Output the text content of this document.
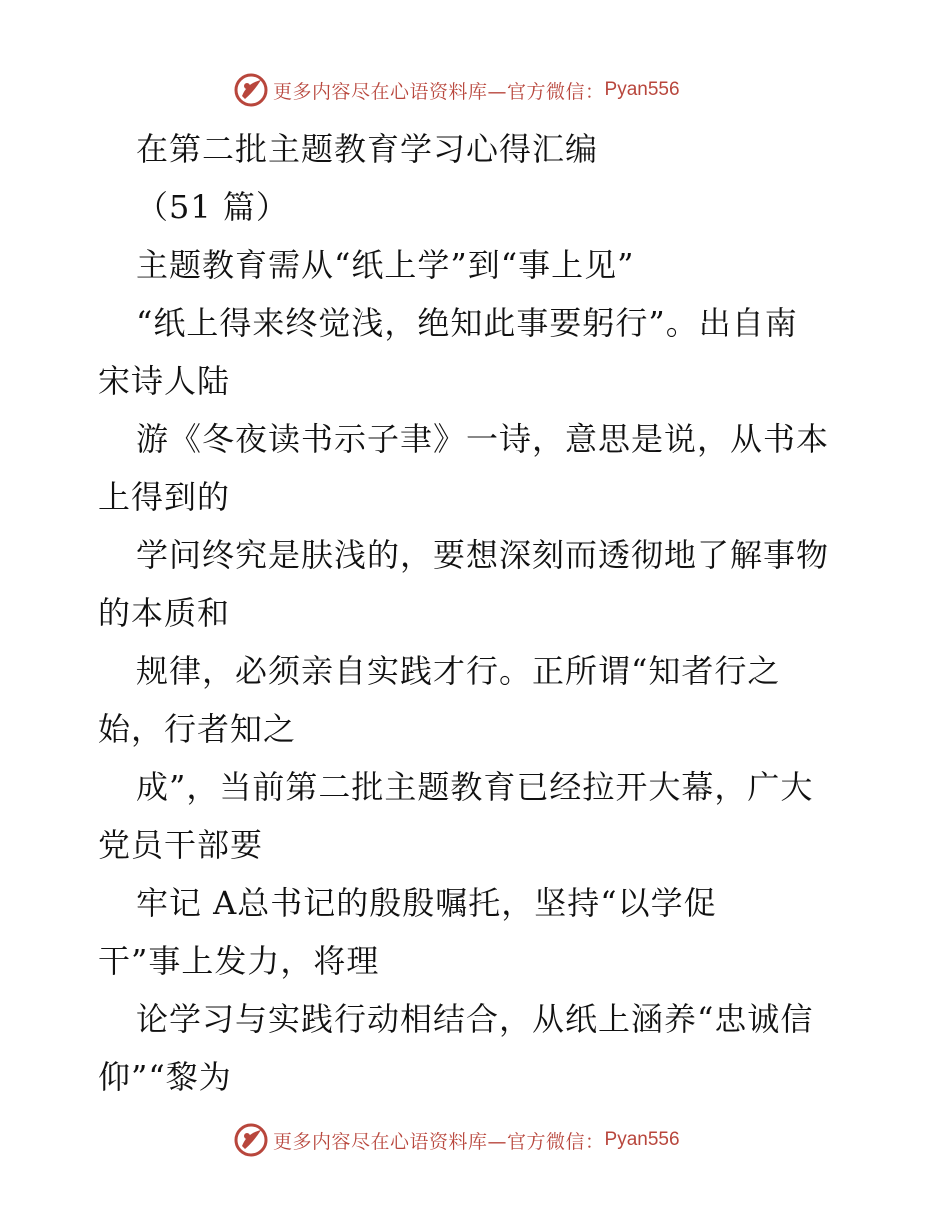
更多内容尽在心语资料库—官方微信： Pyan556

在第二批主题教育学习心得汇编

（51 篇）

主题教育需从“纸上学”到“事上见”

“纸上得来终觉浅，绝知此事要躬行”。出自南

宋诗人陆

游《冬夜读书示子聿》一诗，意思是说，从书本

上得到的

学问终究是肤浅的，要想深刻而透彻地了解事物

的本质和

规律，必须亲自实践才行。正所谓“知者行之

始，行者知之

成”，当前第二批主题教育已经拉开大幕，广大

党员干部要

牢记 A总书记的殷殷嘱托，坚持“以学促

干”事上发力，将理

论学习与实践行动相结合，从纸上涵养“忠诚信

仰”“黎为

更多内容尽在心语资料库—官方微信： Pyan556
